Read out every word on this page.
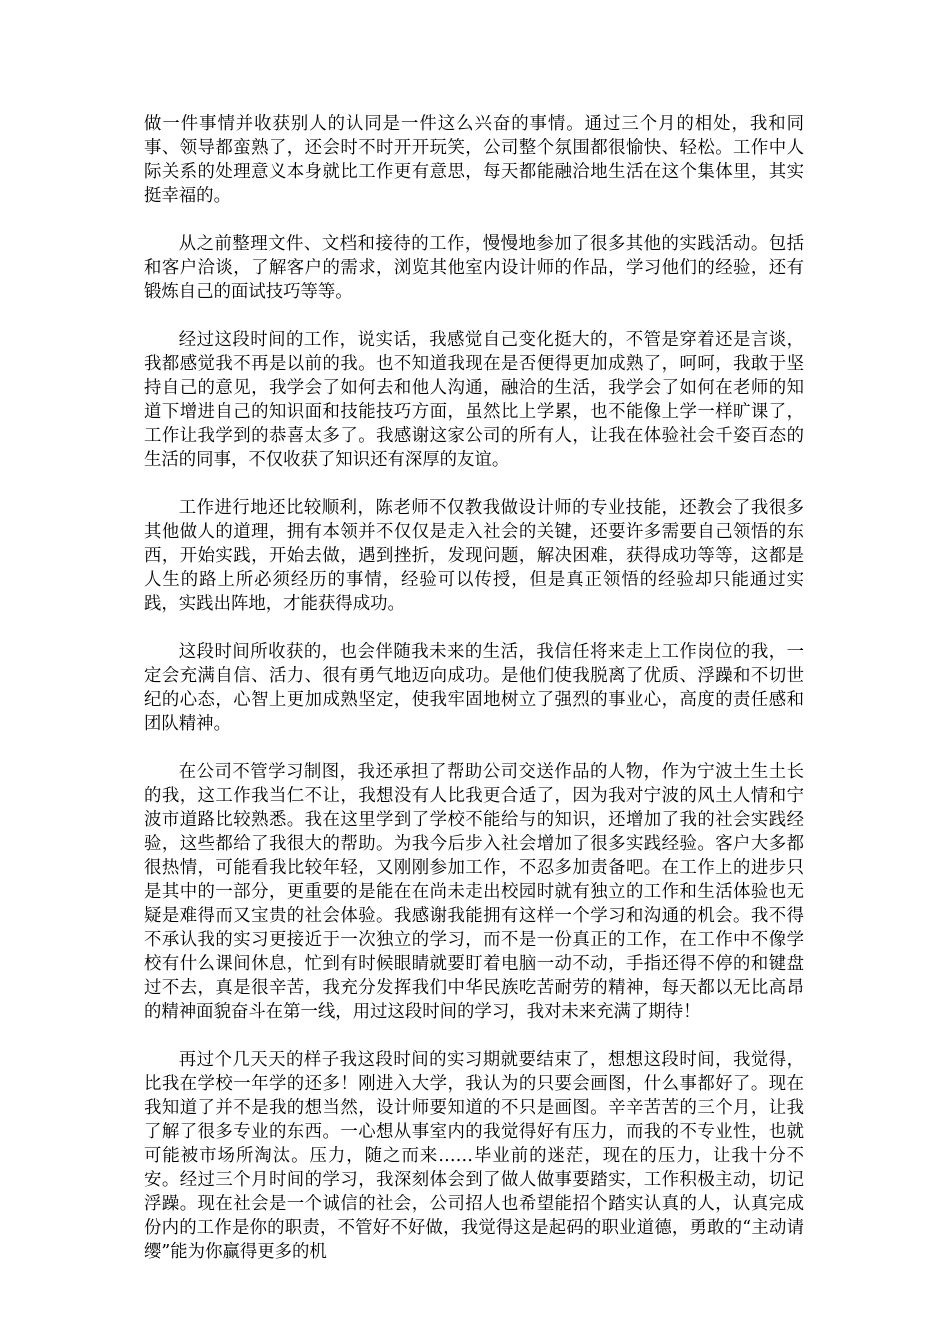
做一件事情并收获别人的认同是一件这么兴奋的事情。通过三个月的相处，我和同事、领导都蛮熟了，还会时不时开开玩笑，公司整个氛围都很愉快、轻松。工作中人际关系的处理意义本身就比工作更有意思，每天都能融洽地生活在这个集体里，其实挺幸福的。

从之前整理文件、文档和接待的工作，慢慢地参加了很多其他的实践活动。包括和客户洽谈，了解客户的需求，浏览其他室内设计师的作品，学习他们的经验，还有锻炼自己的面试技巧等等。

经过这段时间的工作，说实话，我感觉自己变化挺大的，不管是穿着还是言谈，我都感觉我不再是以前的我。也不知道我现在是否便得更加成熟了，呵呵，我敢于坚持自己的意见，我学会了如何去和他人沟通，融洽的生活，我学会了如何在老师的知道下增进自己的知识面和技能技巧方面，虽然比上学累，也不能像上学一样旷课了，工作让我学到的恭喜太多了。我感谢这家公司的所有人，让我在体验社会千姿百态的生活的同事，不仅收获了知识还有深厚的友谊。

工作进行地还比较顺利，陈老师不仅教我做设计师的专业技能，还教会了我很多其他做人的道理，拥有本领并不仅仅是走入社会的关键，还要许多需要自己领悟的东西，开始实践，开始去做，遇到挫折，发现问题，解决困难，获得成功等等，这都是人生的路上所必须经历的事情，经验可以传授，但是真正领悟的经验却只能通过实践，实践出阵地，才能获得成功。

这段时间所收获的，也会伴随我未来的生活，我信任将来走上工作岗位的我，一定会充满自信、活力、很有勇气地迈向成功。是他们使我脱离了优质、浮躁和不切世纪的心态，心智上更加成熟坚定，使我牢固地树立了强烈的事业心，高度的责任感和团队精神。

在公司不管学习制图，我还承担了帮助公司交送作品的人物，作为宁波土生土长的我，这工作我当仁不让，我想没有人比我更合适了，因为我对宁波的风土人情和宁波市道路比较熟悉。我在这里学到了学校不能给与的知识，还增加了我的社会实践经验，这些都给了我很大的帮助。为我今后步入社会增加了很多实践经验。客户大多都很热情，可能看我比较年轻，又刚刚参加工作，不忍多加责备吧。在工作上的进步只是其中的一部分，更重要的是能在在尚未走出校园时就有独立的工作和生活体验也无疑是难得而又宝贵的社会体验。我感谢我能拥有这样一个学习和沟通的机会。我不得不承认我的实习更接近于一次独立的学习，而不是一份真正的工作，在工作中不像学校有什么课间休息，忙到有时候眼睛就要盯着电脑一动不动，手指还得不停的和键盘过不去，真是很辛苦，我充分发挥我们中华民族吃苦耐劳的精神，每天都以无比高昂的精神面貌奋斗在第一线，用过这段时间的学习，我对未来充满了期待！

再过个几天天的样子我这段时间的实习期就要结束了，想想这段时间，我觉得，比我在学校一年学的还多！刚进入大学，我认为的只要会画图，什么事都好了。现在我知道了并不是我的想当然，设计师要知道的不只是画图。辛辛苦苦的三个月，让我了解了很多专业的东西。一心想从事室内的我觉得好有压力，而我的不专业性，也就可能被市场所淘汰。压力，随之而来……毕业前的迷茫，现在的压力，让我十分不安。经过三个月时间的学习，我深刻体会到了做人做事要踏实，工作积极主动，切记浮躁。现在社会是一个诚信的社会，公司招人也希望能招个踏实认真的人，认真完成份内的工作是你的职责，不管好不好做，我觉得这是起码的职业道德，勇敢的“主动请缨”能为你赢得更多的机
